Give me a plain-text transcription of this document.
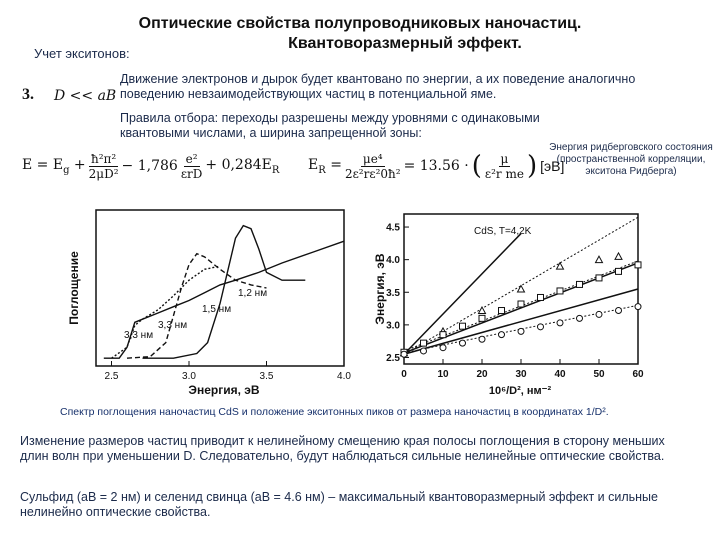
Оптические свойства полупроводниковых наночастиц.
Квантоворазмерный эффект.
Учет экситонов:
3. D << aB
Движение электронов и дырок будет квантовано по энергии, а их поведение аналогично поведению невзаимодействующих частиц в потенциальной яме.
Правила отбора: переходы разрешены между уровнями с одинаковыми квантовыми числами, а ширина запрещенной зоны:
$E = E_g + \frac{\text{ħ²π²}}{\text{2μD²}} - 1,786$ e²
εrD
+ $0,284E_R$ $E_R = \frac{\text{μe⁴}}{\text{2ε²rε²0ħ²}} = 13.56$ · ( $\frac{\mu}{\text{ε²r me}}$ ) [эВ]
Энергия ридберговского состояния (пространственной корреляции, экситона Ридберга)
2.5	3.0	3.5	4.0
Энергия, эВ
Поглощение
3,3 нм
3,3 нм
1,5 нм
1,2 нм
0	10	20	30	40	50	60
2.5
3.0
3.5
4.0
4.5	CdS, T=4,2K
10⁶/D², нм⁻²
Энергия, эВ
Спектр поглощения наночастиц CdS и положение экситонных пиков от размера наночастиц в координатах 1/D².
Изменение размеров частиц приводит к нелинейному смещению края полосы поглощения в сторону меньших длин волн при уменьшении D. Следовательно, будут наблюдаться сильные нелинейные оптические свойства.
Сульфид (aB = 2 нм) и селенид свинца (aB = 4.6 нм) – максимальный квантоворазмерный эффект и сильные нелинейно оптические свойства.
